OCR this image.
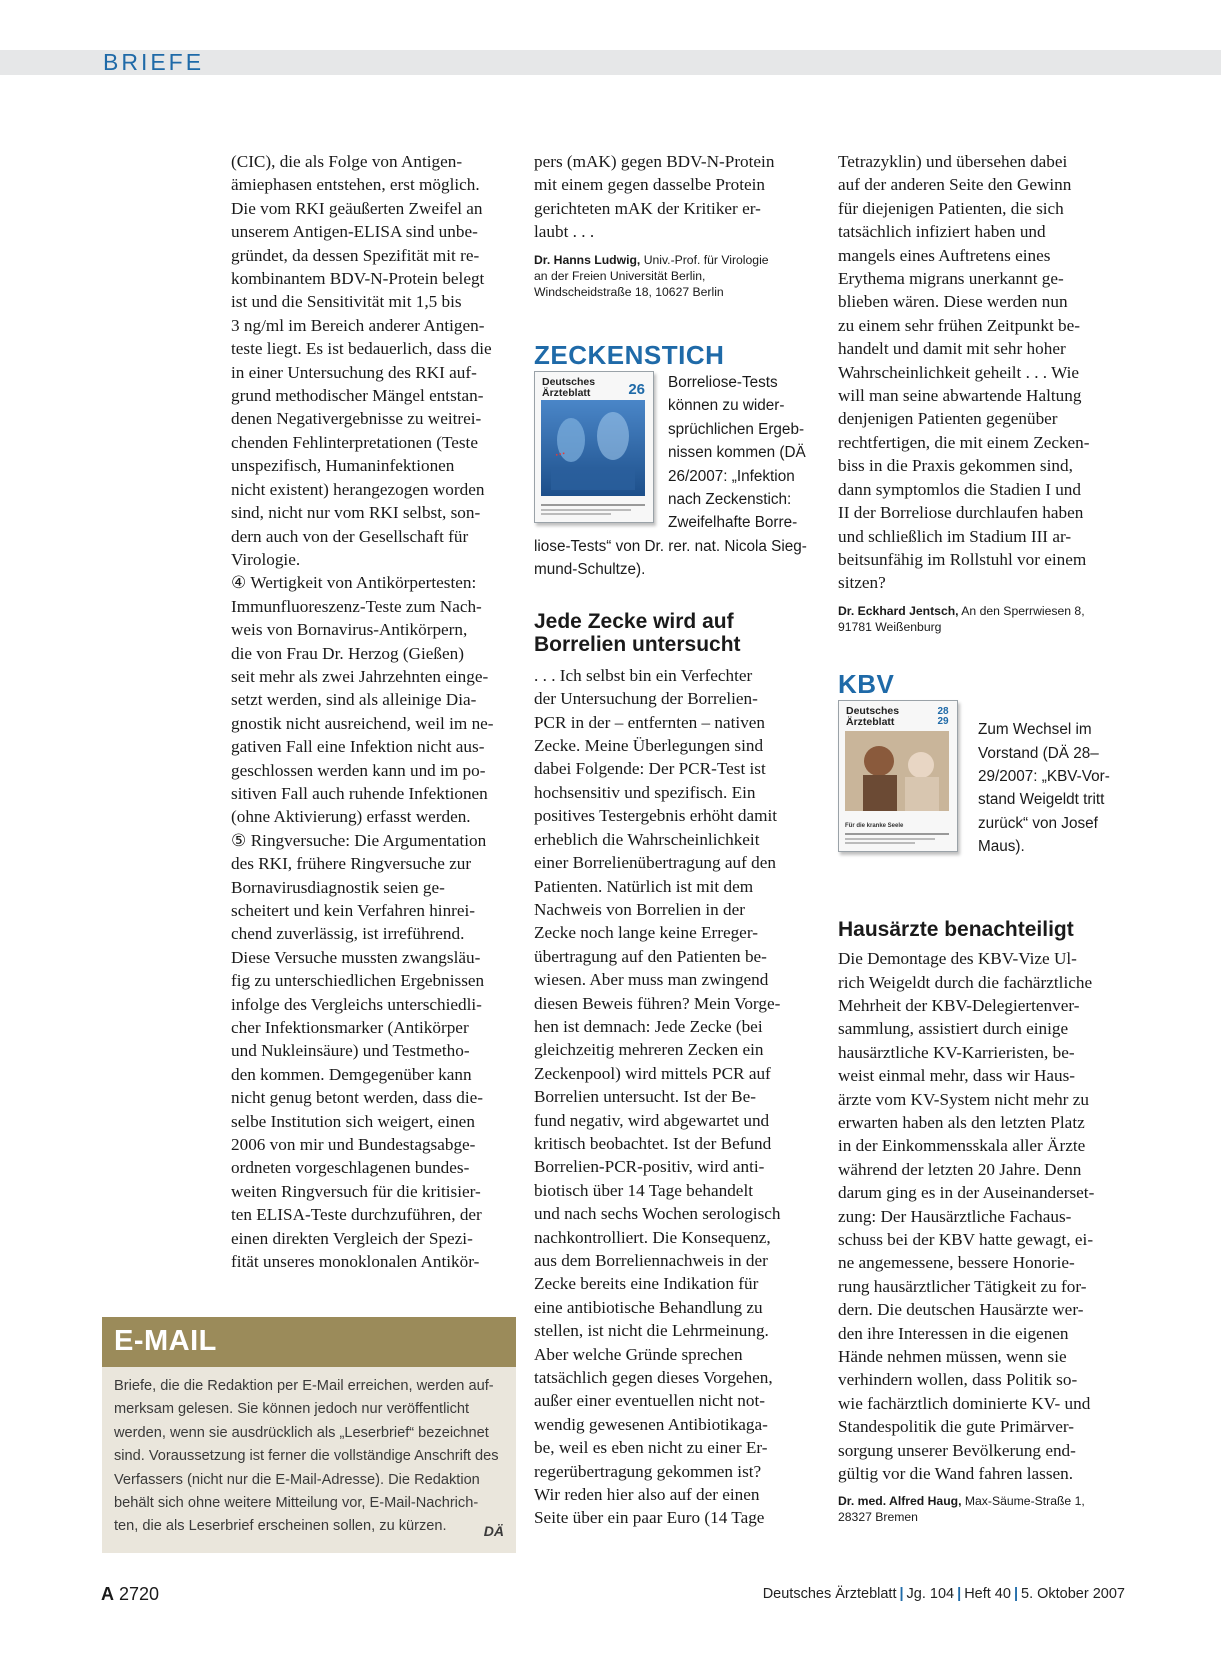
BRIEFE
(CIC), die als Folge von Antigen-
ämiephasen entstehen, erst möglich.
Die vom RKI geäußerten Zweifel an
unserem Antigen-ELISA sind unbe-
gründet, da dessen Spezifität mit re-
kombinantem BDV-N-Protein belegt
ist und die Sensitivität mit 1,5 bis
3 ng/ml im Bereich anderer Antigen-
teste liegt. Es ist bedauerlich, dass die
in einer Untersuchung des RKI auf-
grund methodischer Mängel entstan-
denen Negativergebnisse zu weitrei-
chenden Fehlinterpretationen (Teste
unspezifisch, Humaninfektionen
nicht existent) herangezogen worden
sind, nicht nur vom RKI selbst, son-
dern auch von der Gesellschaft für
Virologie.
④ Wertigkeit von Antikörpertesten:
Immunfluoreszenz-Teste zum Nach-
weis von Bornavirus-Antikörpern,
die von Frau Dr. Herzog (Gießen)
seit mehr als zwei Jahrzehnten einge-
setzt werden, sind als alleinige Dia-
gnostik nicht ausreichend, weil im ne-
gativen Fall eine Infektion nicht aus-
geschlossen werden kann und im po-
sitiven Fall auch ruhende Infektionen
(ohne Aktivierung) erfasst werden.
⑤ Ringversuche: Die Argumentation
des RKI, frühere Ringversuche zur
Bornavirusdiagnostik seien ge-
scheitert und kein Verfahren hinrei-
chend zuverlässig, ist irreführend.
Diese Versuche mussten zwangsläu-
fig zu unterschiedlichen Ergebnissen
infolge des Vergleichs unterschiedli-
cher Infektionsmarker (Antikörper
und Nukleinsäure) und Testmetho-
den kommen. Demgegenüber kann
nicht genug betont werden, dass die-
selbe Institution sich weigert, einen
2006 von mir und Bundestagsabge-
ordneten vorgeschlagenen bundes-
weiten Ringversuch für die kritisier-
ten ELISA-Teste durchzuführen, der
einen direkten Vergleich der Spezi-
fität unseres monoklonalen Antikör-
pers (mAK) gegen BDV-N-Protein
mit einem gegen dasselbe Protein
gerichteten mAK der Kritiker er-
laubt . . .
Dr. Hanns Ludwig, Univ.-Prof. für Virologie
an der Freien Universität Berlin,
Windscheidstraße 18, 10627 Berlin
ZECKENSTICH
Deutsches Ärzteblatt	26
…
Borreliose-Tests
können zu wider-
sprüchlichen Ergeb-
nissen kommen (DÄ
26/2007: „Infektion
nach Zeckenstich:
Zweifelhafte Borre-
liose-Tests“ von Dr. rer. nat. Nicola Sieg-
mund-Schultze).
Jede Zecke wird auf
Borrelien untersucht
. . . Ich selbst bin ein Verfechter
der Untersuchung der Borrelien-
PCR in der – entfernten – nativen
Zecke. Meine Überlegungen sind
dabei Folgende: Der PCR-Test ist
hochsensitiv und spezifisch. Ein
positives Testergebnis erhöht damit
erheblich die Wahrscheinlichkeit
einer Borrelienübertragung auf den
Patienten. Natürlich ist mit dem
Nachweis von Borrelien in der
Zecke noch lange keine Erreger-
übertragung auf den Patienten be-
wiesen. Aber muss man zwingend
diesen Beweis führen? Mein Vorge-
hen ist demnach: Jede Zecke (bei
gleichzeitig mehreren Zecken ein
Zeckenpool) wird mittels PCR auf
Borrelien untersucht. Ist der Be-
fund negativ, wird abgewartet und
kritisch beobachtet. Ist der Befund
Borrelien-PCR-positiv, wird anti-
biotisch über 14 Tage behandelt
und nach sechs Wochen serologisch
nachkontrolliert. Die Konsequenz,
aus dem Borreliennachweis in der
Zecke bereits eine Indikation für
eine antibiotische Behandlung zu
stellen, ist nicht die Lehrmeinung.
Aber welche Gründe sprechen
tatsächlich gegen dieses Vorgehen,
außer einer eventuellen nicht not-
wendig gewesenen Antibiotikaga-
be, weil es eben nicht zu einer Er-
regerübertragung gekommen ist?
Wir reden hier also auf der einen
Seite über ein paar Euro (14 Tage
Tetrazyklin) und übersehen dabei
auf der anderen Seite den Gewinn
für diejenigen Patienten, die sich
tatsächlich infiziert haben und
mangels eines Auftretens eines
Erythema migrans unerkannt ge-
blieben wären. Diese werden nun
zu einem sehr frühen Zeitpunkt be-
handelt und damit mit sehr hoher
Wahrscheinlichkeit geheilt . . . Wie
will man seine abwartende Haltung
denjenigen Patienten gegenüber
rechtfertigen, die mit einem Zecken-
biss in die Praxis gekommen sind,
dann symptomlos die Stadien I und
II der Borreliose durchlaufen haben
und schließlich im Stadium III ar-
beitsunfähig im Rollstuhl vor einem
sitzen?
Dr. Eckhard Jentsch, An den Sperrwiesen 8,
91781 Weißenburg
KBV
Deutsches Ärzteblatt
28 29
Für die kranke Seele
Zum Wechsel im
Vorstand (DÄ 28–
29/2007: „KBV-Vor-
stand Weigeldt tritt
zurück“ von Josef
Maus).
Hausärzte benachteiligt
Die Demontage des KBV-Vize Ul-
rich Weigeldt durch die fachärztliche
Mehrheit der KBV-Delegiertenver-
sammlung, assistiert durch einige
hausärztliche KV-Karrieristen, be-
weist einmal mehr, dass wir Haus-
ärzte vom KV-System nicht mehr zu
erwarten haben als den letzten Platz
in der Einkommensskala aller Ärzte
während der letzten 20 Jahre. Denn
darum ging es in der Auseinanderset-
zung: Der Hausärztliche Fachaus-
schuss bei der KBV hatte gewagt, ei-
ne angemessene, bessere Honorie-
rung hausärztlicher Tätigkeit zu for-
dern. Die deutschen Hausärzte wer-
den ihre Interessen in die eigenen
Hände nehmen müssen, wenn sie
verhindern wollen, dass Politik so-
wie fachärztlich dominierte KV- und
Standespolitik die gute Primärver-
sorgung unserer Bevölkerung end-
gültig vor die Wand fahren lassen.
Dr. med. Alfred Haug, Max-Säume-Straße 1,
28327 Bremen
E-MAIL
Briefe, die die Redaktion per E-Mail erreichen, werden auf-
merksam gelesen. Sie können jedoch nur veröffentlicht
werden, wenn sie ausdrücklich als „Leserbrief“ bezeichnet
sind. Voraussetzung ist ferner die vollständige Anschrift des
Verfassers (nicht nur die E-Mail-Adresse). Die Redaktion
behält sich ohne weitere Mitteilung vor, E-Mail-Nachrich-
ten, die als Leserbrief erscheinen sollen, zu kürzen.	DÄ
A 2720	Deutsches Ärzteblatt | Jg. 104 | Heft 40 | 5. Oktober 2007
